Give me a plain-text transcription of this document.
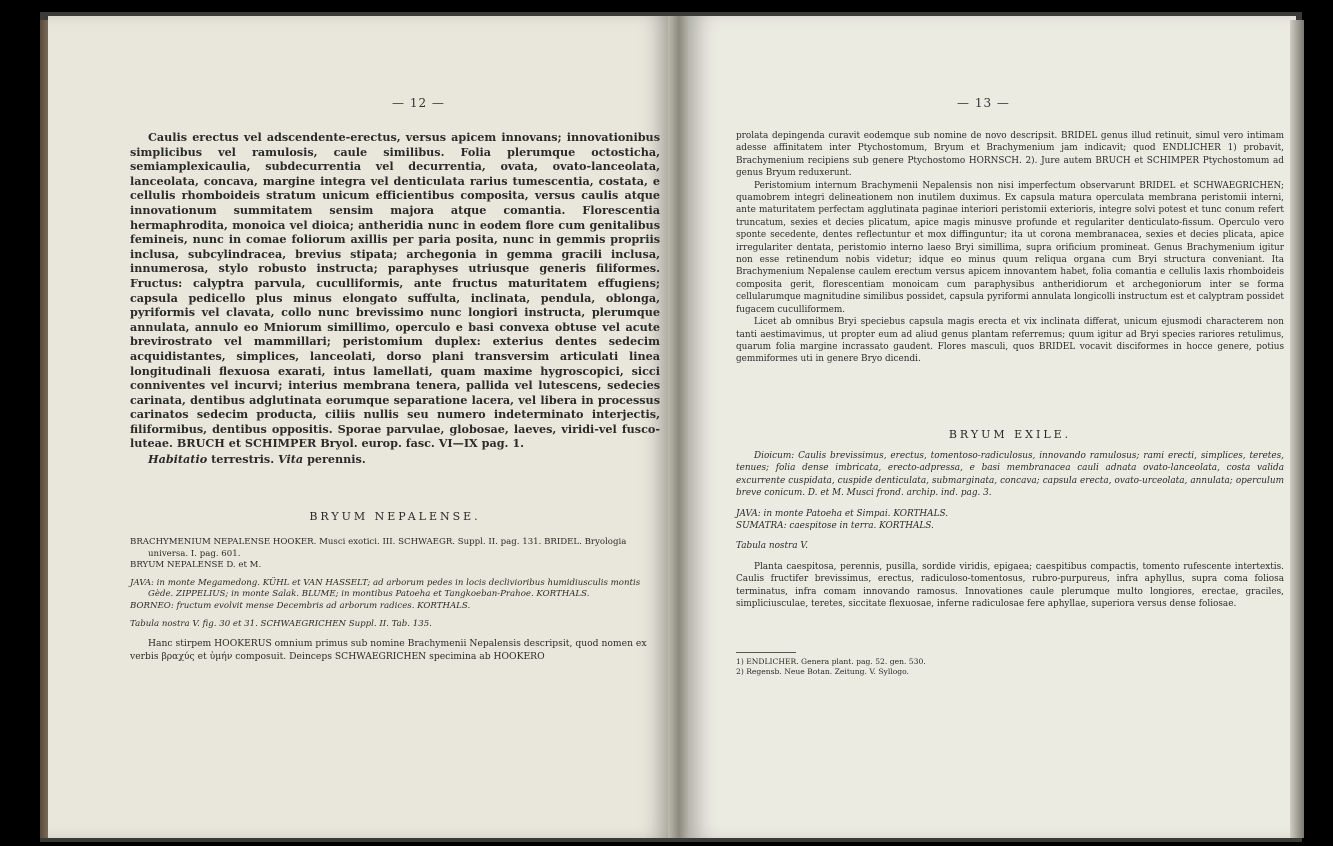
— 12 —

Caulis erectus vel adscendente-erectus, versus apicem innovans; innovationibus simplicibus vel ramulosis, caule similibus. Folia plerumque octosticha, semiamplexicaulia, subdecurrentia vel decurrentia, ovata, ovato-lanceolata, lanceolata, concava, margine integra vel denticulata rarius tumescentia, costata, e cellulis rhomboideis stratum unicum efficientibus composita, versus caulis atque innovationum summitatem sensim majora atque comantia. Florescentia hermaphrodita, monoica vel dioica; antheridia nunc in eodem flore cum genitalibus femineis, nunc in comae foliorum axillis per paria posita, nunc in gemmis propriis inclusa, subcylindracea, brevius stipata; archegonia in gemma gracili inclusa, innumerosa, stylo robusto instructa; paraphyses utriusque generis filiformes. Fructus: calyptra parvula, cuculliformis, ante fructus maturitatem effugiens; capsula pedicello plus minus elongato suffulta, inclinata, pendula, oblonga, pyriformis vel clavata, collo nunc brevissimo nunc longiori instructa, plerumque annulata, annulo eo Mniorum simillimo, operculo e basi convexa obtuse vel acute brevirostrato vel mammillari; peristomium duplex: exterius dentes sedecim acquidistantes, simplices, lanceolati, dorso plani transversim articulati linea longitudinali flexuosa exarati, intus lamellati, quam maxime hygroscopici, sicci conniventes vel incurvi; interius membrana tenera, pallida vel lutescens, sedecies carinata, dentibus adglutinata eorumque separatione lacera, vel libera in processus carinatos sedecim producta, ciliis nullis seu numero indeterminato interjectis, filiformibus, dentibus oppositis. Sporae parvulae, globosae, laeves, viridi-vel fusco-luteae. BRUCH et SCHIMPER Bryol. europ. fasc. VI—IX pag. 1.

Habitatio terrestris. Vita perennis.

BRYUM NEPALENSE.

BRACHYMENIUM NEPALENSE HOOKER. Musci exotici. III. SCHWAEGR. Suppl. II. pag. 131. BRIDEL. Bryologia universa. I. pag. 601.

BRYUM NEPALENSE D. et M.

JAVA: in monte Megamedong. KÜHL et VAN HASSELT; ad arborum pedes in locis declivioribus humidiusculis montis Gède. ZIPPELIUS; in monte Salak. BLUME; in montibus Patoeha et Tangkoeban-Prahoe. KORTHALS.

BORNEO: fructum evolvit mense Decembris ad arborum radices. KORTHALS.

Tabula nostra V. fig. 30 et 31. SCHWAEGRICHEN Suppl. II. Tab. 135.

Hanc stirpem HOOKERUS omnium primus sub nomine Brachymenii Nepalensis descripsit, quod nomen ex verbis βραχύς et ὑμήν composuit. Deinceps SCHWAEGRICHEN specimina ab HOOKERO

— 13 —

prolata depingenda curavit eodemque sub nomine de novo descripsit. BRIDEL genus illud retinuit, simul vero intimam adesse affinitatem inter Ptychostomum, Bryum et Brachymenium jam indicavit; quod ENDLICHER 1) probavit, Brachymenium recipiens sub genere Ptychostomo HORNSCH. 2). Jure autem BRUCH et SCHIMPER Ptychostomum ad genus Bryum reduxerunt.

Peristomium internum Brachymenii Nepalensis non nisi imperfectum observarunt BRIDEL et SCHWAEGRICHEN; quamobrem integri delineationem non inutilem duximus. Ex capsula matura operculata membrana peristomii interni, ante maturitatem perfectam agglutinata paginae interiori peristomii exterioris, integre solvi potest et tunc conum refert truncatum, sexies et decies plicatum, apice magis minusve profunde et regulariter denticulato-fissum. Operculo vero sponte secedente, dentes reflectuntur et mox diffinguntur; ita ut corona membranacea, sexies et decies plicata, apice irregulariter dentata, peristomio interno laeso Bryi simillima, supra orificium promineat. Genus Brachymenium igitur non esse retinendum nobis videtur; idque eo minus quum reliqua organa cum Bryi structura conveniant. Ita Brachymenium Nepalense caulem erectum versus apicem innovantem habet, folia comantia e cellulis laxis rhomboideis composita gerit, florescentiam monoicam cum paraphysibus antheridiorum et archegoniorum inter se forma cellularumque magnitudine similibus possidet, capsula pyriformi annulata longicolli instructum est et calyptram possidet fugacem cuculliformem.

Licet ab omnibus Bryi speciebus capsula magis erecta et vix inclinata differat, unicum ejusmodi characterem non tanti aestimavimus, ut propter eum ad aliud genus plantam referremus; quum igitur ad Bryi species rariores retulimus, quarum folia margine incrassato gaudent. Flores masculi, quos BRIDEL vocavit disciformes in hocce genere, potius gemmiformes uti in genere Bryo dicendi.

BRYUM EXILE.

Dioicum: Caulis brevissimus, erectus, tomentoso-radiculosus, innovando ramulosus; rami erecti, simplices, teretes, tenues; folia dense imbricata, erecto-adpressa, e basi membranacea cauli adnata ovato-lanceolata, costa valida excurrente cuspidata, cuspide denticulata, submarginata, concava; capsula erecta, ovato-urceolata, annulata; operculum breve conicum. D. et M. Musci frond. archip. ind. pag. 3.

JAVA: in monte Patoeha et Simpai. KORTHALS.

SUMATRA: caespitose in terra. KORTHALS.

Tabula nostra V.

Planta caespitosa, perennis, pusilla, sordide viridis, epigaea; caespitibus compactis, tomento rufescente intertextis. Caulis fructifer brevissimus, erectus, radiculoso-tomentosus, rubro-purpureus, infra aphyllus, supra coma foliosa terminatus, infra comam innovando ramosus. Innovationes caule plerumque multo longiores, erectae, graciles, simpliciusculae, teretes, siccitate flexuosae, inferne radiculosae fere aphyllae, superiora versus dense foliosae.

1) ENDLICHER. Genera plant. pag. 52. gen. 530.

2) Regensb. Neue Botan. Zeitung. V. Syllogo.
